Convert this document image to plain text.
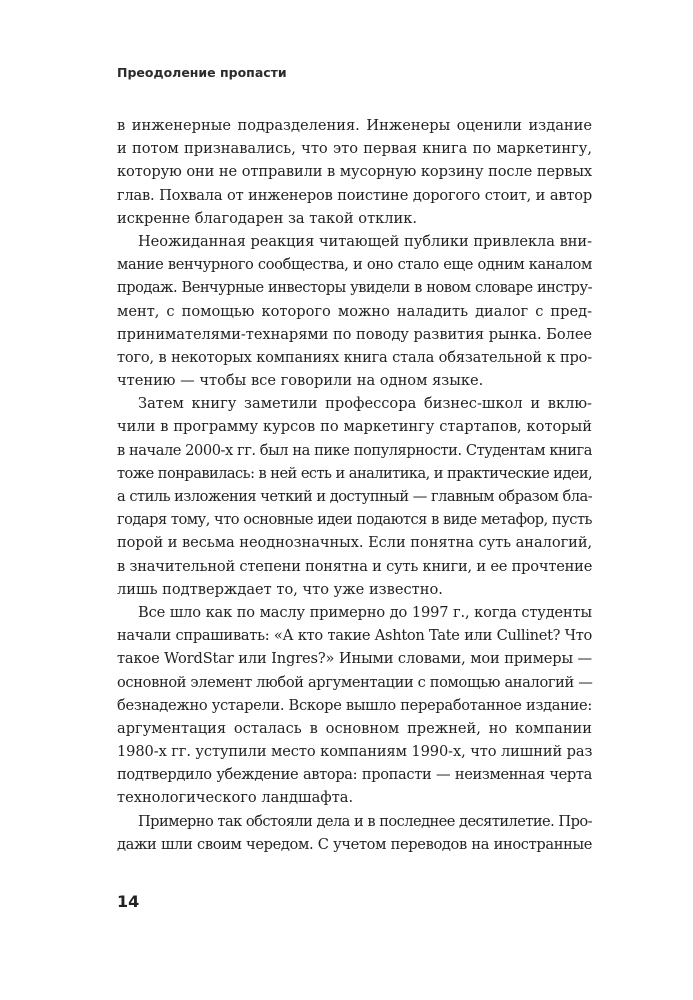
Преодоление пропасти
в инженерные подразделения. Инженеры оценили издание
и потом признавались, что это первая книга по маркетингу,
которую они не отправили в мусорную корзину после первых
глав. Похвала от инженеров поистине дорогого стоит, и автор
искренне благодарен за такой отклик.
Неожиданная реакция читающей публики привлекла вни-
мание венчурного сообщества, и оно стало еще одним каналом
продаж. Венчурные инвесторы увидели в новом словаре инстру-
мент, с помощью которого можно наладить диалог с пред-
принимателями-технарями по поводу развития рынка. Более
того, в некоторых компаниях книга стала обязательной к про-
чтению — чтобы все говорили на одном языке.
Затем книгу заметили профессора бизнес-школ и вклю-
чили в программу курсов по маркетингу стартапов, который
в начале 2000-х гг. был на пике популярности. Студентам книга
тоже понравилась: в ней есть и аналитика, и практические идеи,
а стиль изложения четкий и доступный — главным образом бла-
годаря тому, что основные идеи подаются в виде метафор, пусть
порой и весьма неоднозначных. Если понятна суть аналогий,
в значительной степени понятна и суть книги, и ее прочтение
лишь подтверждает то, что уже известно.
Все шло как по маслу примерно до 1997 г., когда студенты
начали спрашивать: «А кто такие Ashton Tate или Cullinet? Что
такое WordStar или Ingres?» Иными словами, мои примеры —
основной элемент любой аргументации с помощью аналогий —
безнадежно устарели. Вскоре вышло переработанное издание:
аргументация осталась в основном прежней, но компании
1980-х гг. уступили место компаниям 1990-х, что лишний раз
подтвердило убеждение автора: пропасти — неизменная черта
технологического ландшафта.
Примерно так обстояли дела и в последнее десятилетие. Про-
дажи шли своим чередом. С учетом переводов на иностранные
14
